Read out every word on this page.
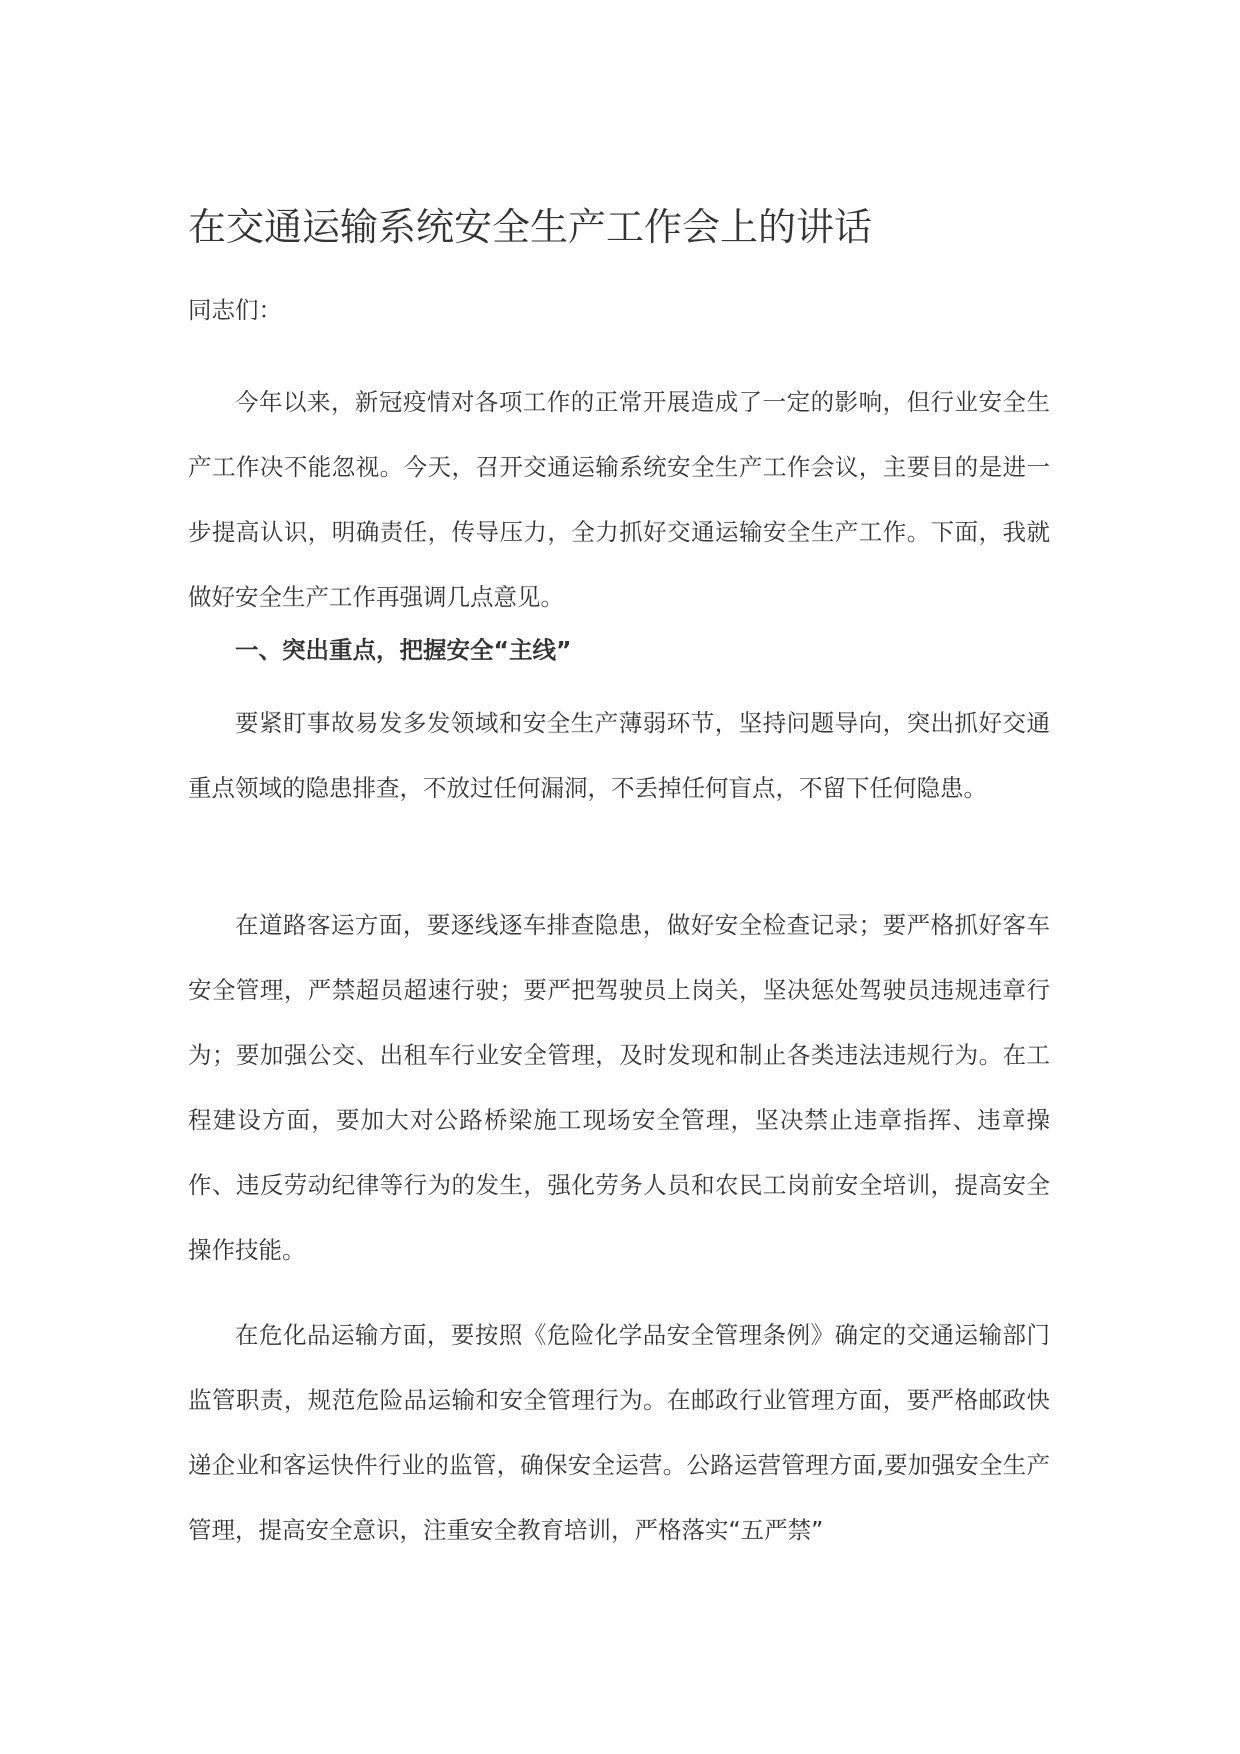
在交通运输系统安全生产工作会上的讲话

同志们：

今年以来，新冠疫情对各项工作的正常开展造成了一定的影响，但行业安全生产工作决不能忽视。今天，召开交通运输系统安全生产工作会议，主要目的是进一步提高认识，明确责任，传导压力，全力抓好交通运输安全生产工作。下面，我就做好安全生产工作再强调几点意见。

一、突出重点，把握安全“主线”

要紧盯事故易发多发领域和安全生产薄弱环节，坚持问题导向，突出抓好交通重点领域的隐患排查，不放过任何漏洞，不丢掉任何盲点，不留下任何隐患。

在道路客运方面，要逐线逐车排查隐患，做好安全检查记录；要严格抓好客车安全管理，严禁超员超速行驶；要严把驾驶员上岗关，坚决惩处驾驶员违规违章行为；要加强公交、出租车行业安全管理，及时发现和制止各类违法违规行为。在工程建设方面，要加大对公路桥梁施工现场安全管理，坚决禁止违章指挥、违章操作、违反劳动纪律等行为的发生，强化劳务人员和农民工岗前安全培训，提高安全操作技能。

在危化品运输方面，要按照《危险化学品安全管理条例》确定的交通运输部门监管职责，规范危险品运输和安全管理行为。在邮政行业管理方面，要严格邮政快递企业和客运快件行业的监管，确保安全运营。公路运营管理方面,要加强安全生产管理，提高安全意识，注重安全教育培训，严格落实“五严禁”
